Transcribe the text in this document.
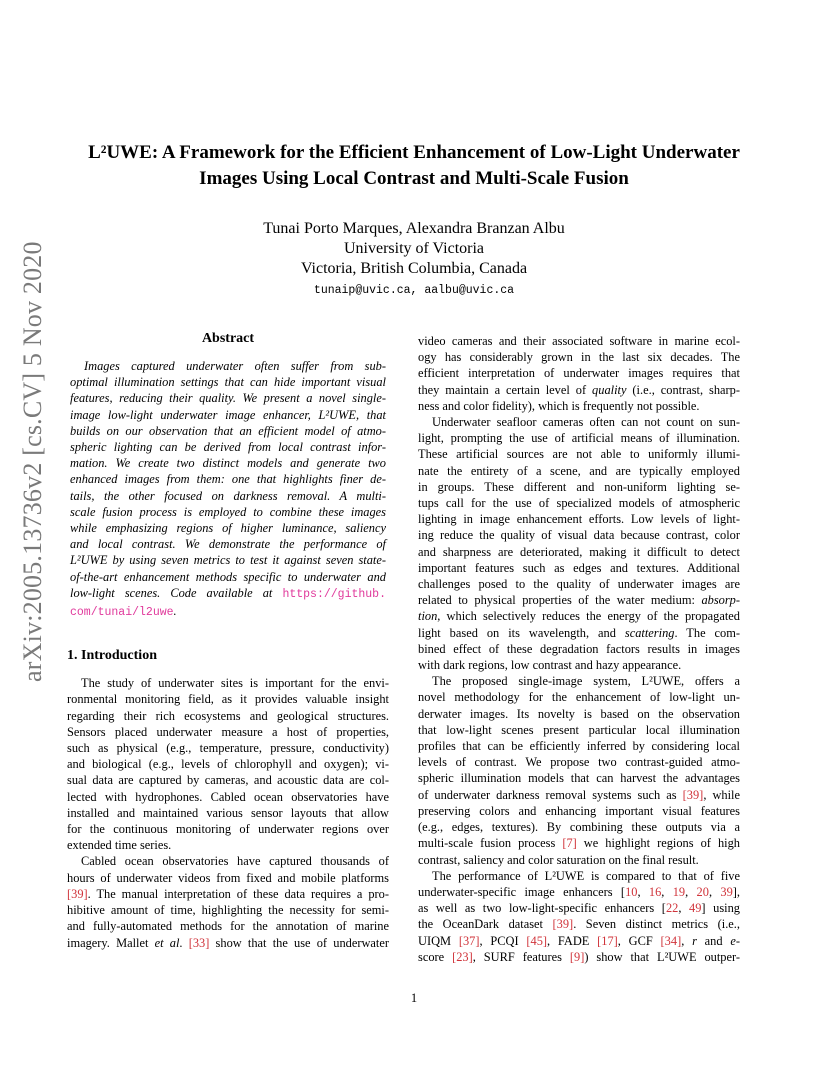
arXiv:2005.13736v2 [cs.CV] 5 Nov 2020
L²UWE: A Framework for the Efficient Enhancement of Low-Light Underwater
Images Using Local Contrast and Multi-Scale Fusion
Tunai Porto Marques, Alexandra Branzan Albu
University of Victoria
Victoria, British Columbia, Canada
tunaip@uvic.ca, aalbu@uvic.ca
Abstract
Images captured underwater often suffer from sub-
optimal illumination settings that can hide important visual
features, reducing their quality. We present a novel single-
image low-light underwater image enhancer, L²UWE, that
builds on our observation that an efficient model of atmo-
spheric lighting can be derived from local contrast infor-
mation. We create two distinct models and generate two
enhanced images from them: one that highlights finer de-
tails, the other focused on darkness removal. A multi-
scale fusion process is employed to combine these images
while emphasizing regions of higher luminance, saliency
and local contrast. We demonstrate the performance of
L²UWE by using seven metrics to test it against seven state-
of-the-art enhancement methods specific to underwater and
low-light scenes. Code available at https://github.
com/tunai/l2uwe.
1. Introduction
The study of underwater sites is important for the envi-
ronmental monitoring field, as it provides valuable insight
regarding their rich ecosystems and geological structures.
Sensors placed underwater measure a host of properties,
such as physical (e.g., temperature, pressure, conductivity)
and biological (e.g., levels of chlorophyll and oxygen); vi-
sual data are captured by cameras, and acoustic data are col-
lected with hydrophones. Cabled ocean observatories have
installed and maintained various sensor layouts that allow
for the continuous monitoring of underwater regions over
extended time series.
Cabled ocean observatories have captured thousands of
hours of underwater videos from fixed and mobile platforms
[39]. The manual interpretation of these data requires a pro-
hibitive amount of time, highlighting the necessity for semi-
and fully-automated methods for the annotation of marine
imagery. Mallet et al. [33] show that the use of underwater
video cameras and their associated software in marine ecol-
ogy has considerably grown in the last six decades. The
efficient interpretation of underwater images requires that
they maintain a certain level of quality (i.e., contrast, sharp-
ness and color fidelity), which is frequently not possible.
Underwater seafloor cameras often can not count on sun-
light, prompting the use of artificial means of illumination.
These artificial sources are not able to uniformly illumi-
nate the entirety of a scene, and are typically employed
in groups. These different and non-uniform lighting se-
tups call for the use of specialized models of atmospheric
lighting in image enhancement efforts. Low levels of light-
ing reduce the quality of visual data because contrast, color
and sharpness are deteriorated, making it difficult to detect
important features such as edges and textures. Additional
challenges posed to the quality of underwater images are
related to physical properties of the water medium: absorp-
tion, which selectively reduces the energy of the propagated
light based on its wavelength, and scattering. The com-
bined effect of these degradation factors results in images
with dark regions, low contrast and hazy appearance.
The proposed single-image system, L²UWE, offers a
novel methodology for the enhancement of low-light un-
derwater images. Its novelty is based on the observation
that low-light scenes present particular local illumination
profiles that can be efficiently inferred by considering local
levels of contrast. We propose two contrast-guided atmo-
spheric illumination models that can harvest the advantages
of underwater darkness removal systems such as [39], while
preserving colors and enhancing important visual features
(e.g., edges, textures). By combining these outputs via a
multi-scale fusion process [7] we highlight regions of high
contrast, saliency and color saturation on the final result.
The performance of L²UWE is compared to that of five
underwater-specific image enhancers [10, 16, 19, 20, 39],
as well as two low-light-specific enhancers [22, 49] using
the OceanDark dataset [39]. Seven distinct metrics (i.e.,
UIQM [37], PCQI [45], FADE [17], GCF [34], r and e-
score [23], SURF features [9]) show that L²UWE outper-
1
